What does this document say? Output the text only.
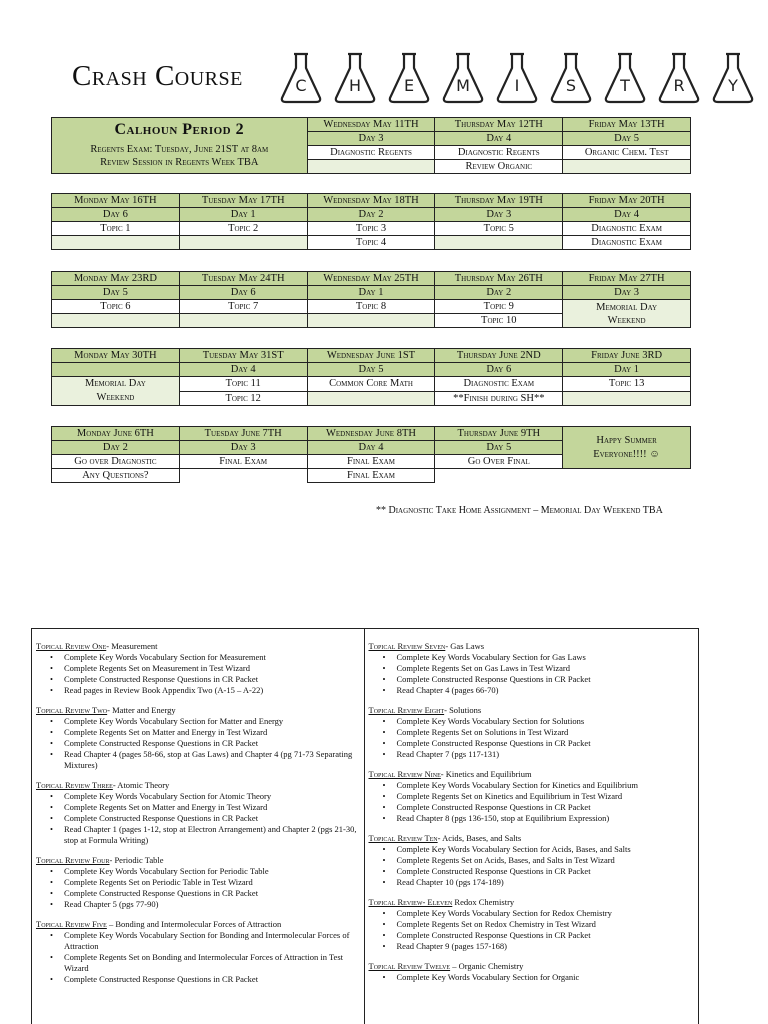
Crash Course	C	H	E	M	I	S	T	R	Y
Calhoun Period 2
Regents Exam: Tuesday, June 21ST at 8am
Review Session in Regents Week TBA	Wednesday May 11TH	Thursday May 12TH	Friday May 13TH
	Day 3	Day 4	Day 5
	Diagnostic Regents	Diagnostic Regents	Organic Chem. Test
		Review Organic	
Monday May 16TH	Tuesday May 17TH	Wednesday May 18TH	Thursday May 19TH	Friday May 20TH
Day 6	Day 1	Day 2	Day 3	Day 4
Topic 1	Topic 2	Topic 3	Topic 5	Diagnostic Exam
		Topic 4		Diagnostic Exam
Monday May 23RD	Tuesday May 24TH	Wednesday May 25TH	Thursday May 26TH	Friday May 27TH
Day 5	Day 6	Day 1	Day 2	Day 3
Topic 6	Topic 7	Topic 8	Topic 9	Memorial Day Weekend
			Topic 10	
Monday May 30TH	Tuesday May 31ST	Wednesday June 1ST	Thursday June 2ND	Friday June 3RD
	Day 4	Day 5	Day 6	Day 1
Memorial Day Weekend	Topic 11	Common Core Math	Diagnostic Exam	Topic 13
	Topic 12		**Finish during SH**	
Monday June 6TH	Tuesday June 7TH	Wednesday June 8TH	Thursday June 9TH	Happy Summer Everyone!!!! ☺
Day 2	Day 3	Day 4	Day 5	
Go over Diagnostic	Final Exam	Final Exam	Go Over Final	
Any Questions?		Final Exam		
** Diagnostic Take Home Assignment – Memorial Day Weekend TBA
Topical Review One- Measurement
• Complete Key Words Vocabulary Section for Measurement
• Complete Regents Set on Measurement in Test Wizard
• Complete Constructed Response Questions in CR Packet
• Read pages in Review Book Appendix Two (A-15 – A-22)
Topical Review Two- Matter and Energy
• Complete Key Words Vocabulary Section for Matter and Energy
• Complete Regents Set on Matter and Energy in Test Wizard
• Complete Constructed Response Questions in CR Packet
• Read Chapter 4 (pages 58-66, stop at Gas Laws) and Chapter 4 (pg 71-73 Separating Mixtures)
Topical Review Three- Atomic Theory
• Complete Key Words Vocabulary Section for Atomic Theory
• Complete Regents Set on Matter and Energy in Test Wizard
• Complete Constructed Response Questions in CR Packet
• Read Chapter 1 (pages 1-12, stop at Electron Arrangement) and Chapter 2 (pgs 21-30, stop at Formula Writing)
Topical Review Four- Periodic Table
• Complete Key Words Vocabulary Section for Periodic Table
• Complete Regents Set on Periodic Table in Test Wizard
• Complete Constructed Response Questions in CR Packet
• Read Chapter 5 (pgs 77-90)
Topical Review Five – Bonding and Intermolecular Forces of Attraction
• Complete Key Words Vocabulary Section for Bonding and Intermolecular Forces of Attraction
• Complete Regents Set on Bonding and Intermolecular Forces of Attraction in Test Wizard
• Complete Constructed Response Questions in CR Packet
Topical Review Seven- Gas Laws
• Complete Key Words Vocabulary Section for Gas Laws
• Complete Regents Set on Gas Laws in Test Wizard
• Complete Constructed Response Questions in CR Packet
• Read Chapter 4 (pages 66-70)
Topical Review Eight- Solutions
• Complete Key Words Vocabulary Section for Solutions
• Complete Regents Set on Solutions in Test Wizard
• Complete Constructed Response Questions in CR Packet
• Read Chapter 7 (pgs 117-131)
Topical Review Nine- Kinetics and Equilibrium
• Complete Key Words Vocabulary Section for Kinetics and Equilibrium
• Complete Regents Set on Kinetics and Equilibrium in Test Wizard
• Complete Constructed Response Questions in CR Packet
• Read Chapter 8 (pgs 136-150, stop at Equilibrium Expression)
Topical Review Ten- Acids, Bases, and Salts
• Complete Key Words Vocabulary Section for Acids, Bases, and Salts
• Complete Regents Set on Acids, Bases, and Salts in Test Wizard
• Complete Constructed Response Questions in CR Packet
• Read Chapter 10 (pgs 174-189)
Topical Review- Eleven Redox Chemistry
• Complete Key Words Vocabulary Section for Redox Chemistry
• Complete Regents Set on Redox Chemistry in Test Wizard
• Complete Constructed Response Questions in CR Packet
• Read Chapter 9 (pages 157-168)
Topical Review Twelve – Organic Chemistry
• Complete Key Words Vocabulary Section for Organic
